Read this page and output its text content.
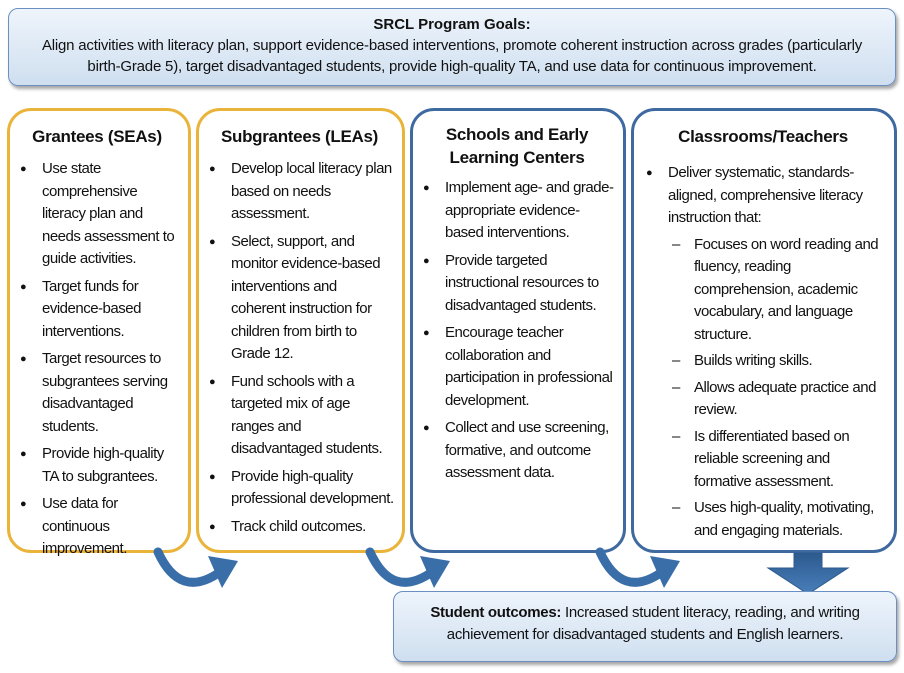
SRCL Program Goals:
Align activities with literacy plan, support evidence-based interventions, promote coherent instruction across grades (particularly
birth-Grade 5), target disadvantaged students, provide high-quality TA, and use data for continuous improvement.
Grantees (SEAs)
● Use state comprehensive literacy plan and needs assessment to guide activities.
● Target funds for evidence-based interventions.
● Target resources to subgrantees serving disadvantaged students.
● Provide high-quality TA to subgrantees.
● Use data for continuous improvement.
Subgrantees (LEAs)
● Develop local literacy plan based on needs assessment.
● Select, support, and monitor evidence-based interventions and coherent instruction for children from birth to Grade 12.
● Fund schools with a targeted mix of age ranges and disadvantaged students.
● Provide high-quality professional development.
● Track child outcomes.
Schools and Early
Learning Centers
● Implement age- and grade-appropriate evidence-based interventions.
● Provide targeted instructional resources to disadvantaged students.
● Encourage teacher collaboration and participation in professional development.
● Collect and use screening, formative, and outcome assessment data.
Classrooms/Teachers
● Deliver systematic, standards-aligned, comprehensive literacy instruction that:
– Focuses on word reading and fluency, reading comprehension, academic vocabulary, and language structure.
– Builds writing skills.
– Allows adequate practice and review.
– Is differentiated based on reliable screening and formative assessment.
– Uses high-quality, motivating, and engaging materials.
Student outcomes: Increased student literacy, reading, and writing achievement for disadvantaged students and English learners.
